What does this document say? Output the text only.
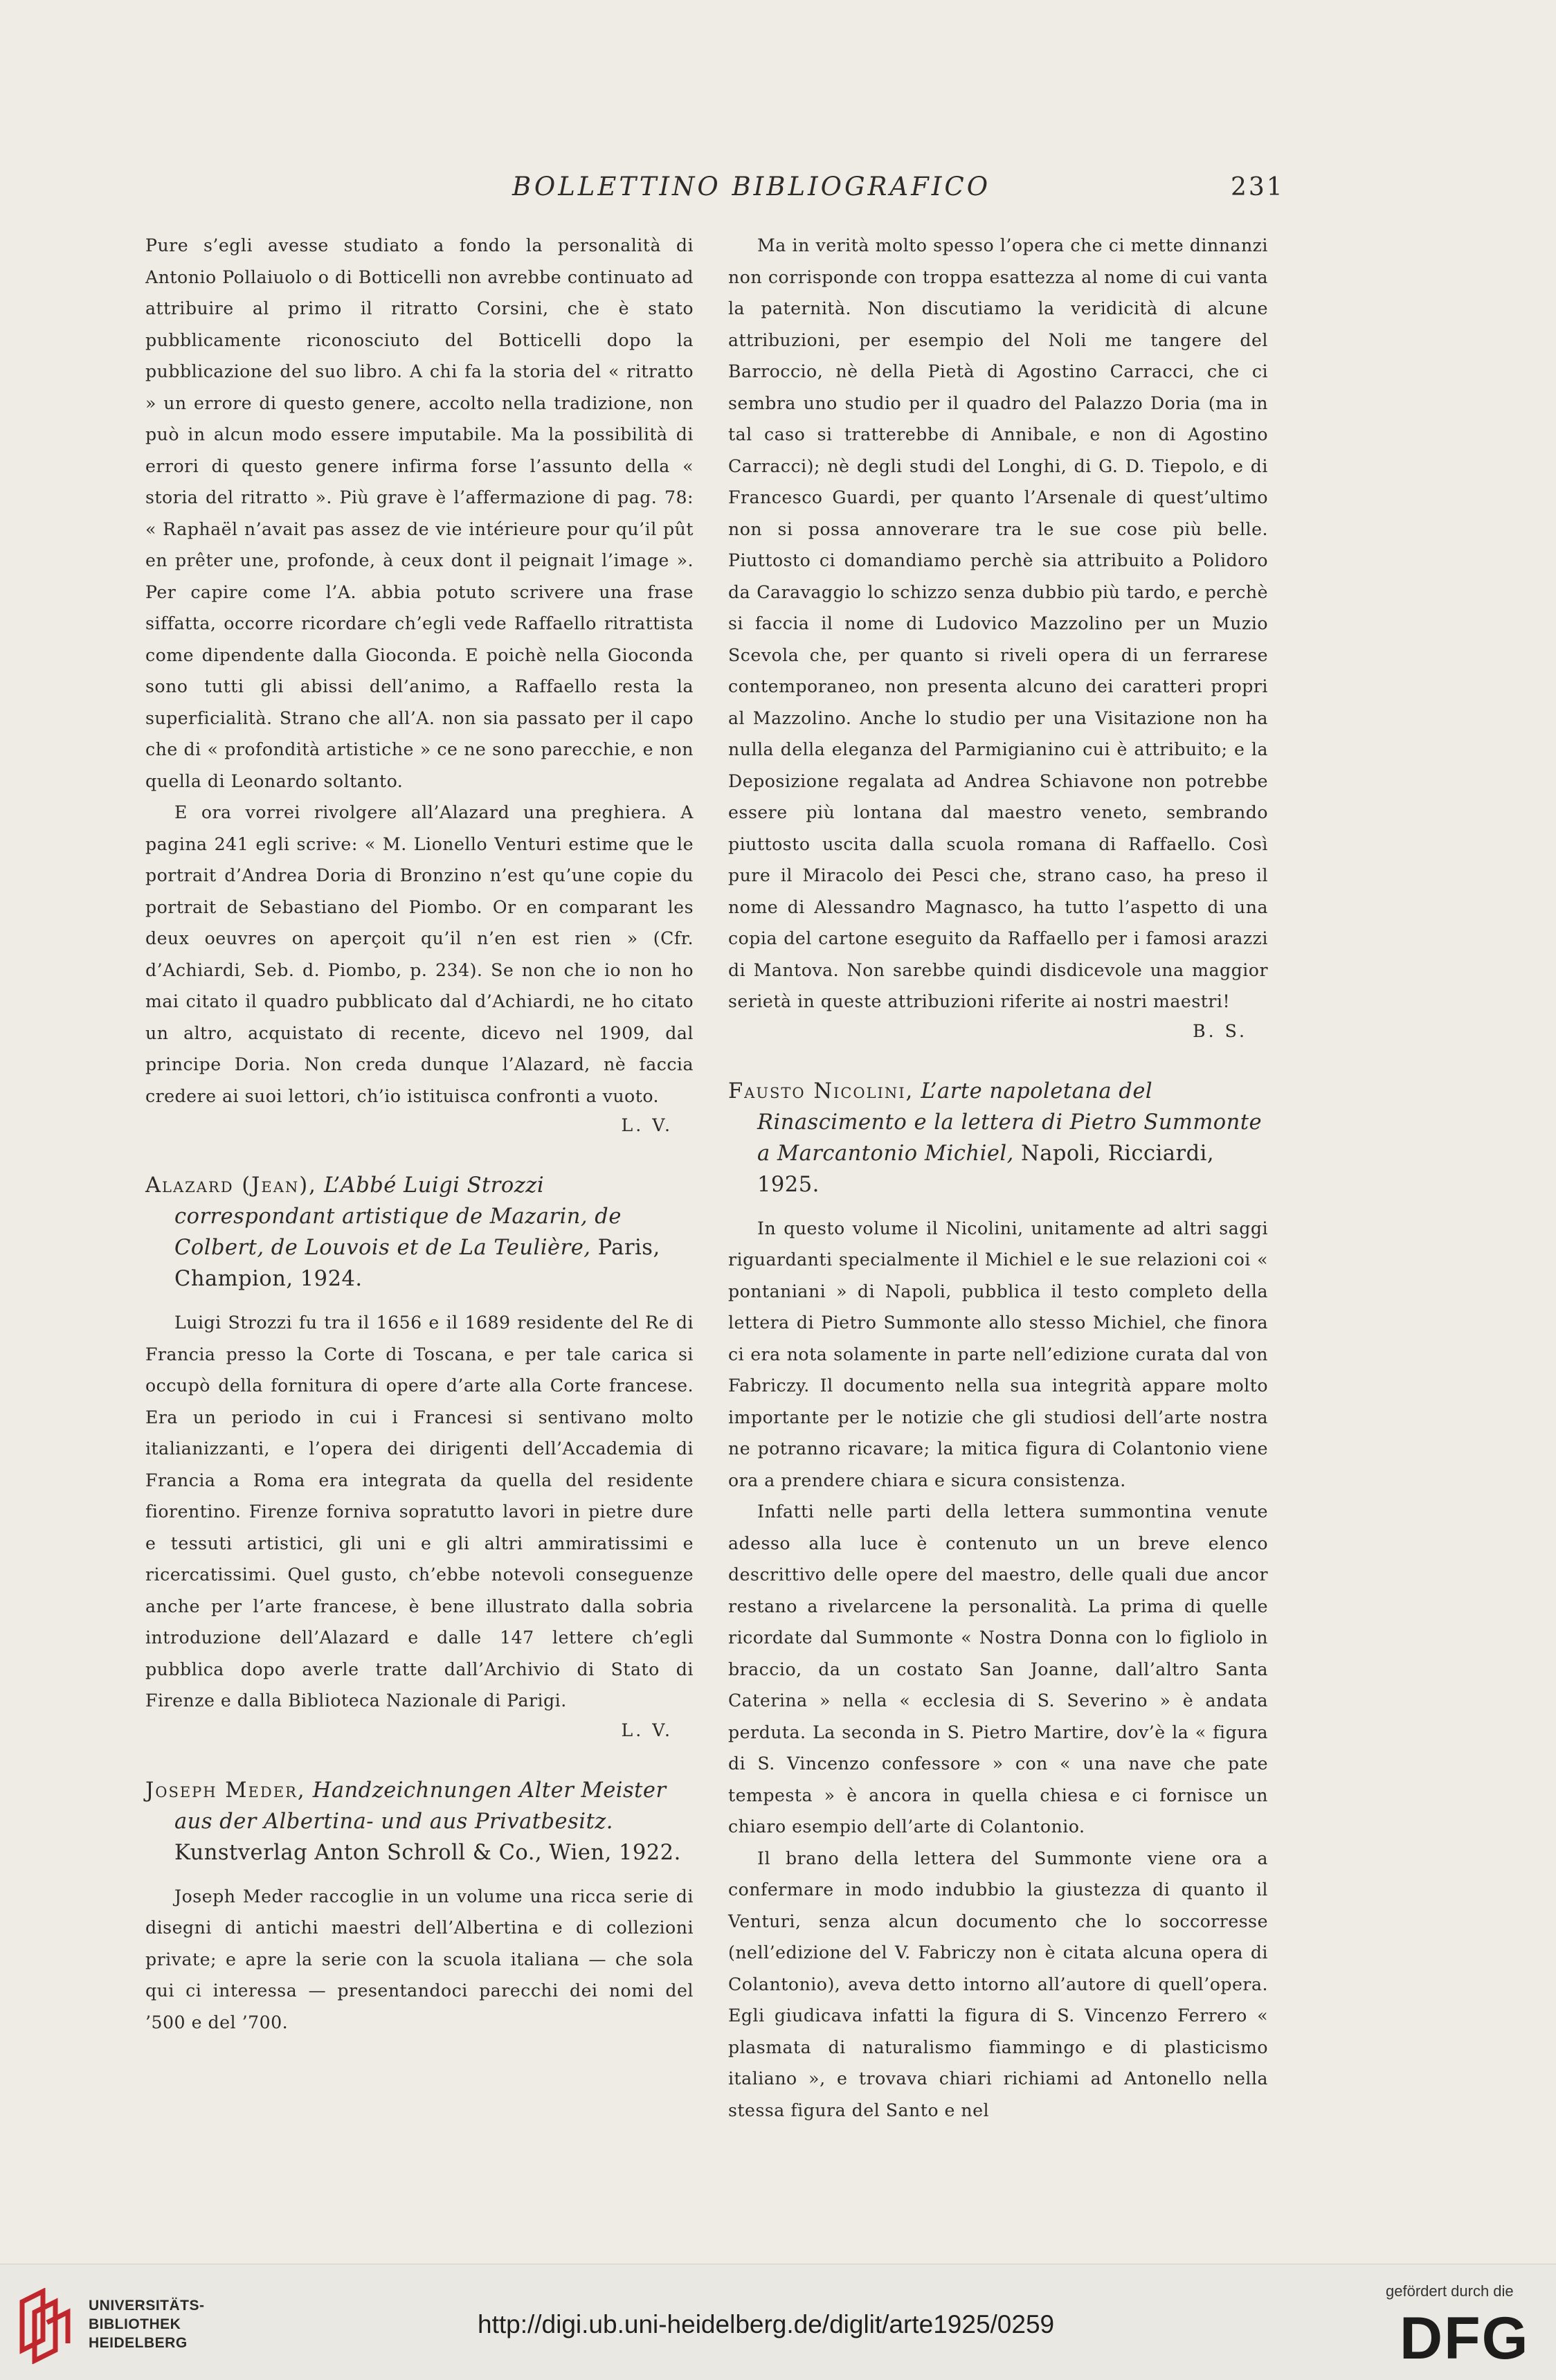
BOLLETTINO BIBLIOGRAFICO	231

Pure s’egli avesse studiato a fondo la personalità di Antonio Pollaiuolo o di Botticelli non avrebbe continuato ad attribuire al primo il ritratto Corsini, che è stato pubblicamente riconosciuto del Botticelli dopo la pubblicazione del suo libro. A chi fa la storia del « ritratto » un errore di questo genere, accolto nella tradizione, non può in alcun modo essere imputabile. Ma la possibilità di errori di questo genere infirma forse l’assunto della « storia del ritratto ». Più grave è l’affermazione di pag. 78: « Raphaël n’avait pas assez de vie intérieure pour qu’il pût en prêter une, profonde, à ceux dont il peignait l’image ». Per capire come l’A. abbia potuto scrivere una frase siffatta, occorre ricordare ch’egli vede Raffaello ritrattista come dipendente dalla Gioconda. E poichè nella Gioconda sono tutti gli abissi dell’animo, a Raffaello resta la superficialità. Strano che all’A. non sia passato per il capo che di « profondità artistiche » ce ne sono parecchie, e non quella di Leonardo soltanto.

E ora vorrei rivolgere all’Alazard una preghiera. A pagina 241 egli scrive: « M. Lionello Venturi estime que le portrait d’Andrea Doria di Bronzino n’est qu’une copie du portrait de Sebastiano del Piombo. Or en comparant les deux oeuvres on aperçoit qu’il n’en est rien » (Cfr. d’Achiardi, Seb. d. Piombo, p. 234). Se non che io non ho mai citato il quadro pubblicato dal d’Achiardi, ne ho citato un altro, acquistato di recente, dicevo nel 1909, dal principe Doria. Non creda dunque l’Alazard, nè faccia credere ai suoi lettori, ch’io istituisca confronti a vuoto.

L. V.

Alazard (Jean), L’Abbé Luigi Strozzi correspondant artistique de Mazarin, de Colbert, de Louvois et de La Teulière, Paris, Champion, 1924.

Luigi Strozzi fu tra il 1656 e il 1689 residente del Re di Francia presso la Corte di Toscana, e per tale carica si occupò della fornitura di opere d’arte alla Corte francese. Era un periodo in cui i Francesi si sentivano molto italianizzanti, e l’opera dei dirigenti dell’Accademia di Francia a Roma era integrata da quella del residente fiorentino. Firenze forniva sopratutto lavori in pietre dure e tessuti artistici, gli uni e gli altri ammiratissimi e ricercatissimi. Quel gusto, ch’ebbe notevoli conseguenze anche per l’arte francese, è bene illustrato dalla sobria introduzione dell’Alazard e dalle 147 lettere ch’egli pubblica dopo averle tratte dall’Archivio di Stato di Firenze e dalla Biblioteca Nazionale di Parigi.

L. V.

Joseph Meder, Handzeichnungen Alter Meister aus der Albertina- und aus Privatbesitz. Kunstverlag Anton Schroll & Co., Wien, 1922.

Joseph Meder raccoglie in un volume una ricca serie di disegni di antichi maestri dell’Albertina e di collezioni private; e apre la serie con la scuola italiana — che sola qui ci interessa — presentandoci parecchi dei nomi del ’500 e del ’700.

Ma in verità molto spesso l’opera che ci mette dinnanzi non corrisponde con troppa esattezza al nome di cui vanta la paternità. Non discutiamo la veridicità di alcune attribuzioni, per esempio del Noli me tangere del Barroccio, nè della Pietà di Agostino Carracci, che ci sembra uno studio per il quadro del Palazzo Doria (ma in tal caso si tratterebbe di Annibale, e non di Agostino Carracci); nè degli studi del Longhi, di G. D. Tiepolo, e di Francesco Guardi, per quanto l’Arsenale di quest’ultimo non si possa annoverare tra le sue cose più belle. Piuttosto ci domandiamo perchè sia attribuito a Polidoro da Caravaggio lo schizzo senza dubbio più tardo, e perchè si faccia il nome di Ludovico Mazzolino per un Muzio Scevola che, per quanto si riveli opera di un ferrarese contemporaneo, non presenta alcuno dei caratteri propri al Mazzolino. Anche lo studio per una Visitazione non ha nulla della eleganza del Parmigianino cui è attribuito; e la Deposizione regalata ad Andrea Schiavone non potrebbe essere più lontana dal maestro veneto, sembrando piuttosto uscita dalla scuola romana di Raffaello. Così pure il Miracolo dei Pesci che, strano caso, ha preso il nome di Alessandro Magnasco, ha tutto l’aspetto di una copia del cartone eseguito da Raffaello per i famosi arazzi di Mantova. Non sarebbe quindi disdicevole una maggior serietà in queste attribuzioni riferite ai nostri maestri!

B. S.

Fausto Nicolini, L’arte napoletana del Rinascimento e la lettera di Pietro Summonte a Marcantonio Michiel, Napoli, Ricciardi, 1925.

In questo volume il Nicolini, unitamente ad altri saggi riguardanti specialmente il Michiel e le sue relazioni coi « pontaniani » di Napoli, pubblica il testo completo della lettera di Pietro Summonte allo stesso Michiel, che finora ci era nota solamente in parte nell’edizione curata dal von Fabriczy. Il documento nella sua integrità appare molto importante per le notizie che gli studiosi dell’arte nostra ne potranno ricavare; la mitica figura di Colantonio viene ora a prendere chiara e sicura consistenza.

Infatti nelle parti della lettera summontina venute adesso alla luce è contenuto un un breve elenco descrittivo delle opere del maestro, delle quali due ancor restano a rivelarcene la personalità. La prima di quelle ricordate dal Summonte « Nostra Donna con lo figliolo in braccio, da un costato San Joanne, dall’altro Santa Caterina » nella « ecclesia di S. Severino » è andata perduta. La seconda in S. Pietro Martire, dov’è la « figura di S. Vincenzo confessore » con « una nave che pate tempesta » è ancora in quella chiesa e ci fornisce un chiaro esempio dell’arte di Colantonio.

Il brano della lettera del Summonte viene ora a confermare in modo indubbio la giustezza di quanto il Venturi, senza alcun documento che lo soccorresse (nell’edizione del V. Fabriczy non è citata alcuna opera di Colantonio), aveva detto intorno all’autore di quell’opera. Egli giudicava infatti la figura di S. Vincenzo Ferrero « plasmata di naturalismo fiammingo e di plasticismo italiano », e trovava chiari richiami ad Antonello nella stessa figura del Santo e nel

UNIVERSITÄTS-
BIBLIOTHEK
HEIDELBERG
http://digi.ub.uni-heidelberg.de/diglit/arte1925/0259
gefördert durch die
DFG
